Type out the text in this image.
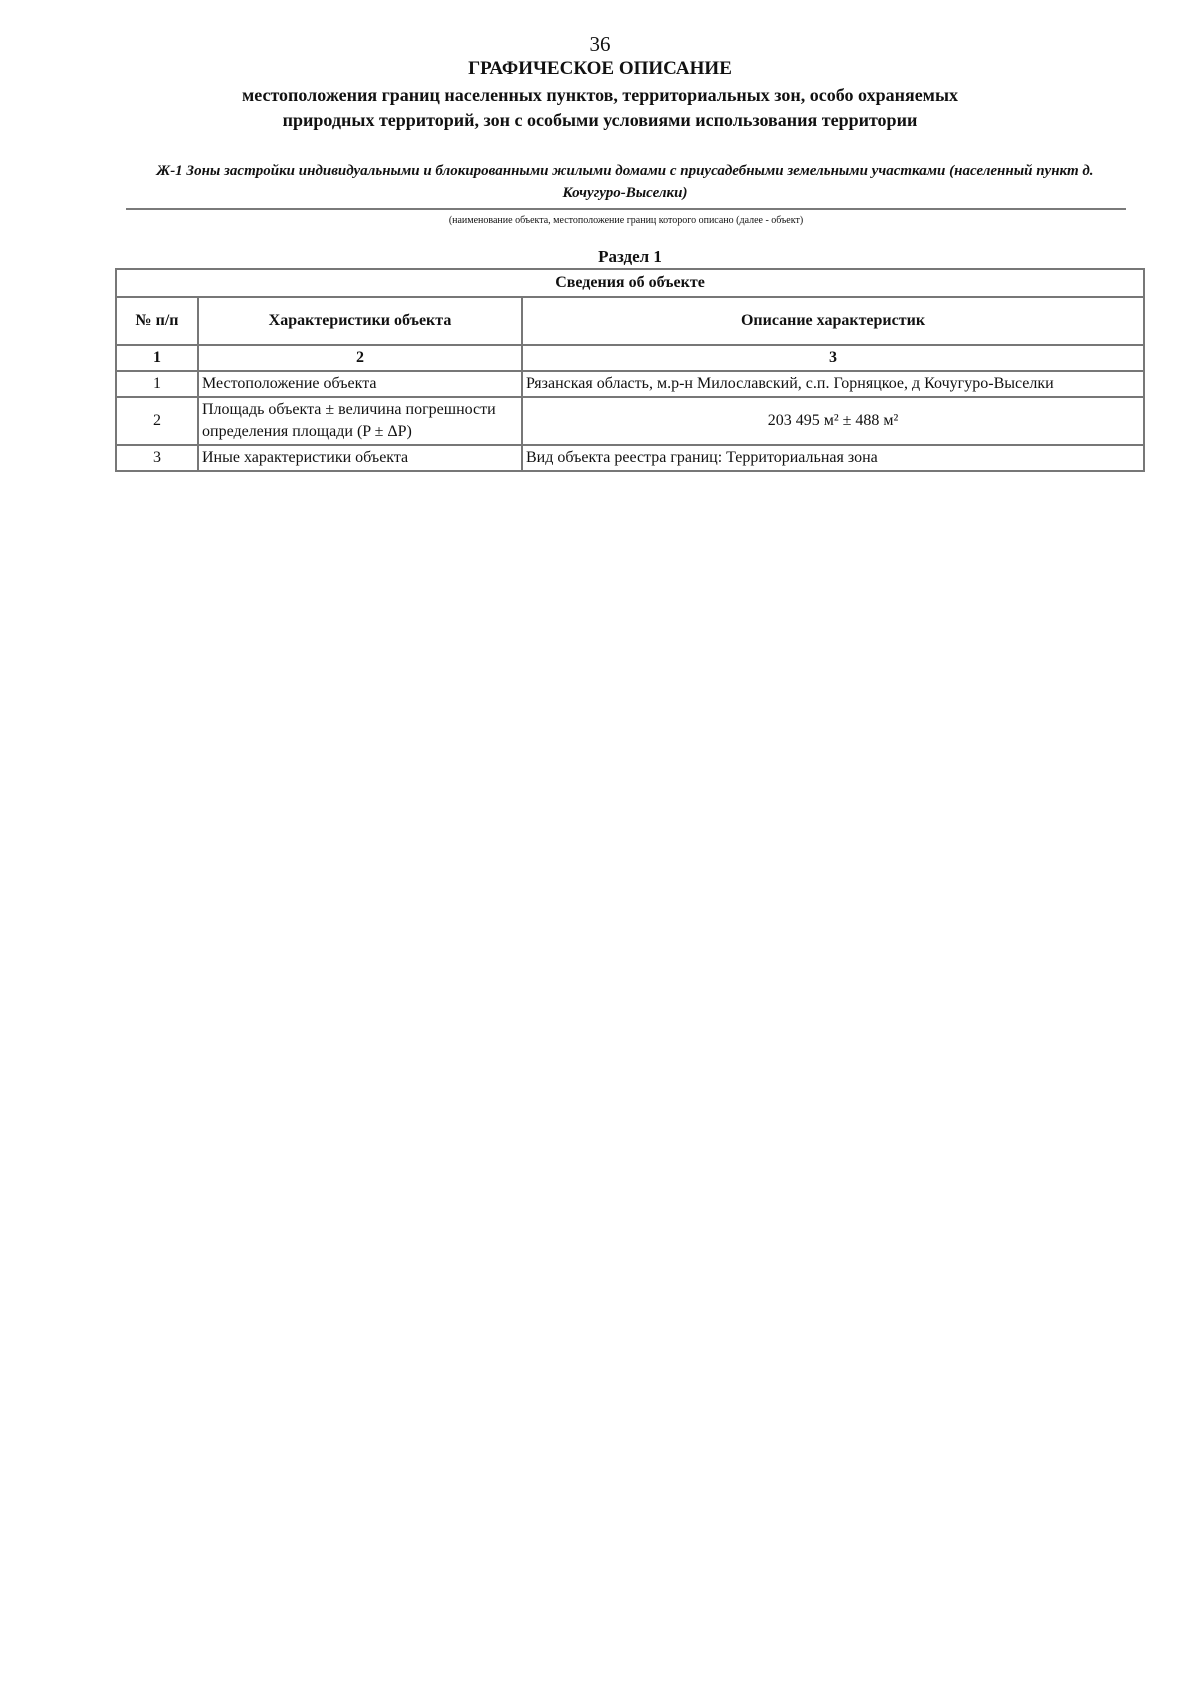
36
ГРАФИЧЕСКОЕ ОПИСАНИЕ
местоположения границ населенных пунктов, территориальных зон, особо охраняемых природных территорий, зон с особыми условиями использования территории
Ж-1 Зоны застройки индивидуальными и блокированными жилыми домами с приусадебными земельными участками (населенный пункт д. Кочугуро-Выселки)
(наименование объекта, местоположение границ которого описано (далее - объект)
Раздел 1
Сведения об объекте		
№ п/п	Характеристики объекта	Описание характеристик
1	2	3
1	Местоположение объекта	Рязанская область, м.р-н Милославский, с.п. Горняцкое, д Кочугуро-Выселки
2	Площадь объекта ± величина погрешности определения площади (P ± ΔP)	203 495 м² ± 488 м²
3	Иные характеристики объекта	Вид объекта реестра границ: Территориальная зона
